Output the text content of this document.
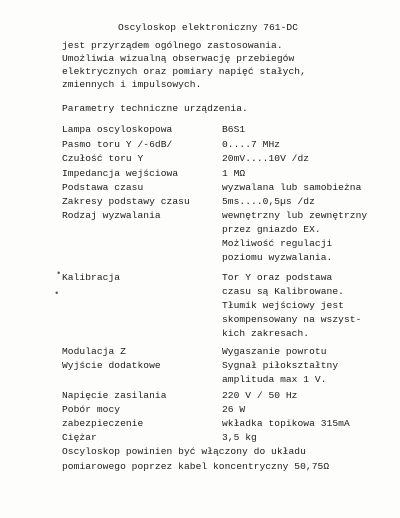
Oscyloskop elektroniczny 761-DC
jest przyrządem ogólnego zastosowania.
Umożliwia wizualną obserwację przebiegów
elektrycznych oraz pomiary napięć stałych,
zmiennych i impulsowych.
Parametry techniczne urządzenia.
Lampa oscyloskopowa	B6S1
Pasmo toru Y /-6dB/	0....7 MHz
Czułość toru Y	20mV....10V /dz
Impedancja wejściowa	1 MΩ
Podstawa czasu	wyzwalana lub samobieżna
Zakresy podstawy czasu	5ms....0,5µs /dz
Rodzaj wyzwalania	wewnętrzny lub zewnętrzny
przez gniazdo EX.
Możliwość regulacji
poziomu wyzwalania.
Kalibracja	Tor Y oraz podstawa
czasu są Kalibrowane.
Tłumik wejściowy jest
skompensowany na wszyst-
kich zakresach.
Modulacja Z	Wygaszanie powrotu
Wyjście dodatkowe	Sygnał piłokształtny
amplituda max 1 V.
Napięcie zasilania	220 V / 50 Hz
Pobór mocy	26 W
zabezpieczenie	wkładka topikowa 315mA
Ciężar	3,5 kg
Oscyloskop powinien być włączony do układu
pomiarowego poprzez kabel koncentryczny 50,75Ω
•
•
